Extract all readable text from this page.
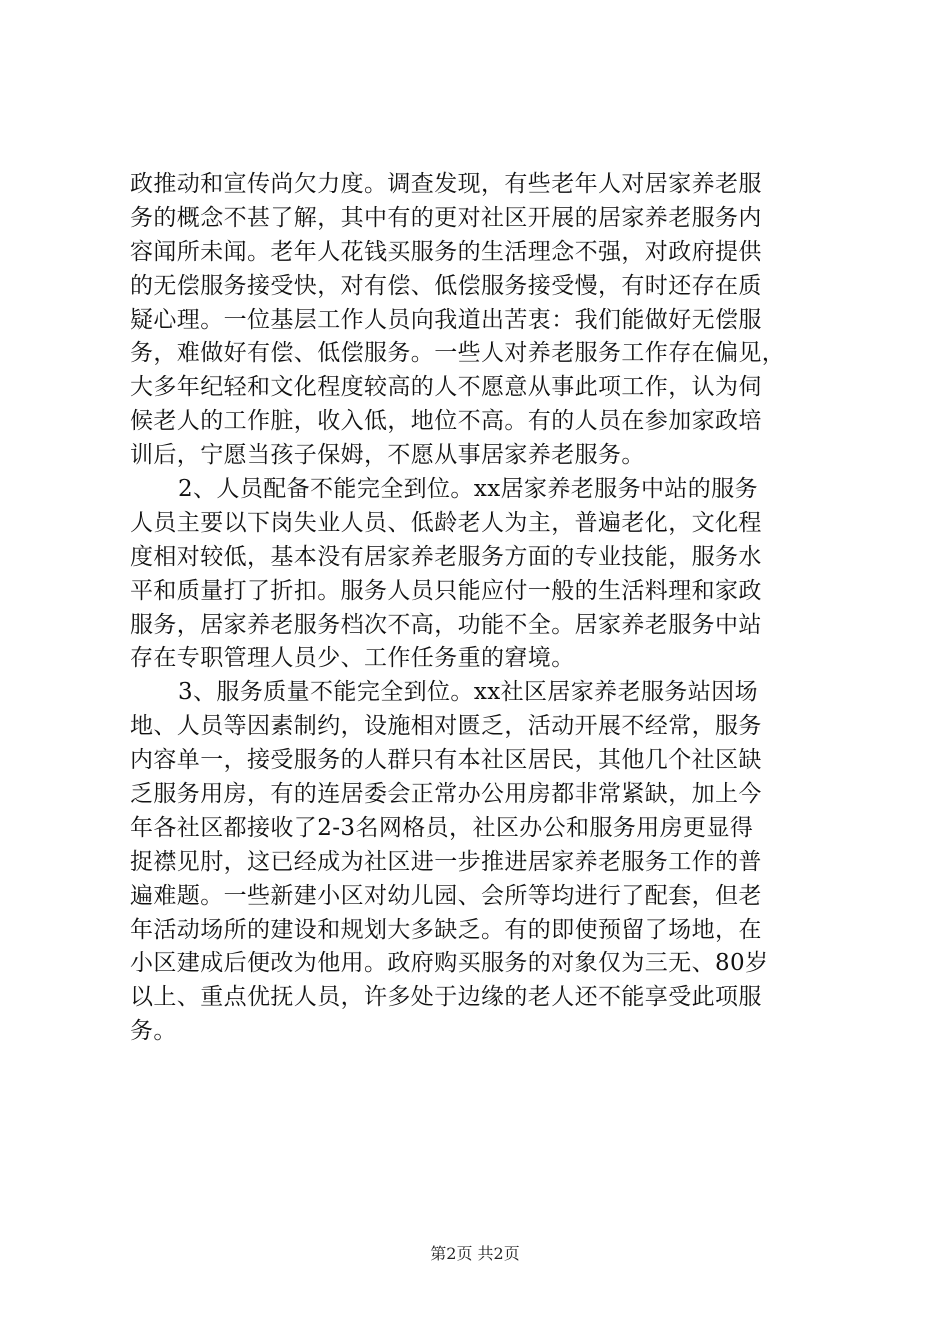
政推动和宣传尚欠力度。调查发现，有些老年人对居家养老服
务的概念不甚了解，其中有的更对社区开展的居家养老服务内
容闻所未闻。老年人花钱买服务的生活理念不强，对政府提供
的无偿服务接受快，对有偿、低偿服务接受慢，有时还存在质
疑心理。一位基层工作人员向我道出苦衷：我们能做好无偿服
务，难做好有偿、低偿服务。一些人对养老服务工作存在偏见，
大多年纪轻和文化程度较高的人不愿意从事此项工作，认为伺
候老人的工作脏，收入低，地位不高。有的人员在参加家政培
训后，宁愿当孩子保姆，不愿从事居家养老服务。
2、人员配备不能完全到位。xx居家养老服务中站的服务
人员主要以下岗失业人员、低龄老人为主，普遍老化，文化程
度相对较低，基本没有居家养老服务方面的专业技能，服务水
平和质量打了折扣。服务人员只能应付一般的生活料理和家政
服务，居家养老服务档次不高，功能不全。居家养老服务中站
存在专职管理人员少、工作任务重的窘境。
3、服务质量不能完全到位。xx社区居家养老服务站因场
地、人员等因素制约，设施相对匮乏，活动开展不经常，服务
内容单一，接受服务的人群只有本社区居民，其他几个社区缺
乏服务用房，有的连居委会正常办公用房都非常紧缺，加上今
年各社区都接收了2-3名网格员，社区办公和服务用房更显得
捉襟见肘，这已经成为社区进一步推进居家养老服务工作的普
遍难题。一些新建小区对幼儿园、会所等均进行了配套，但老
年活动场所的建设和规划大多缺乏。有的即使预留了场地，在
小区建成后便改为他用。政府购买服务的对象仅为三无、80岁
以上、重点优抚人员，许多处于边缘的老人还不能享受此项服
务。
第2页 共2页
